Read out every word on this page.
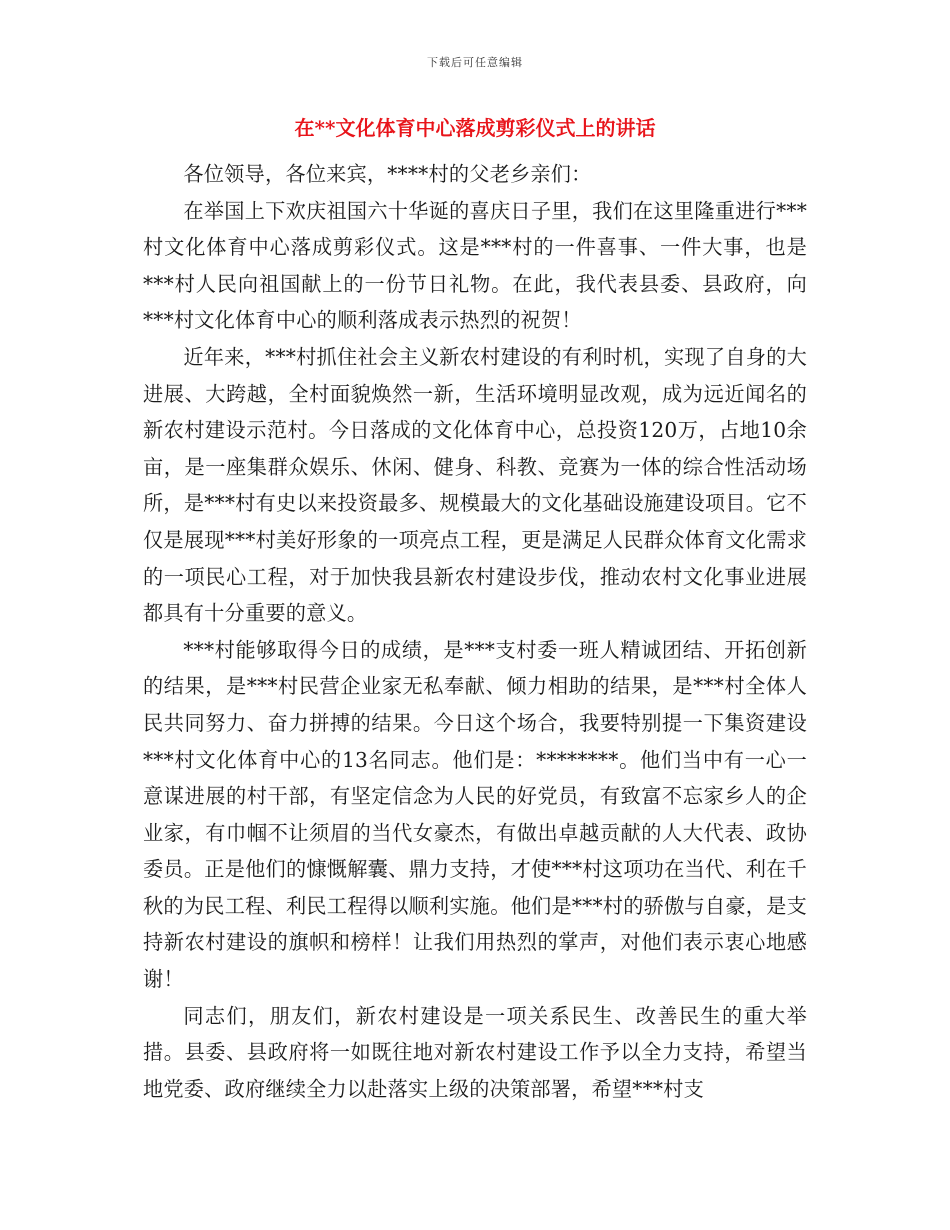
下载后可任意编辑
在**文化体育中心落成剪彩仪式上的讲话

各位领导，各位来宾，****村的父老乡亲们：

在举国上下欢庆祖国六十华诞的喜庆日子里，我们在这里隆重进行***村文化体育中心落成剪彩仪式。这是***村的一件喜事、一件大事，也是***村人民向祖国献上的一份节日礼物。在此，我代表县委、县政府，向***村文化体育中心的顺利落成表示热烈的祝贺！

近年来，***村抓住社会主义新农村建设的有利时机，实现了自身的大进展、大跨越，全村面貌焕然一新，生活环境明显改观，成为远近闻名的新农村建设示范村。今日落成的文化体育中心，总投资120万，占地10余亩，是一座集群众娱乐、休闲、健身、科教、竞赛为一体的综合性活动场所，是***村有史以来投资最多、规模最大的文化基础设施建设项目。它不仅是展现***村美好形象的一项亮点工程，更是满足人民群众体育文化需求的一项民心工程，对于加快我县新农村建设步伐，推动农村文化事业进展都具有十分重要的意义。

***村能够取得今日的成绩，是***支村委一班人精诚团结、开拓创新的结果，是***村民营企业家无私奉献、倾力相助的结果，是***村全体人民共同努力、奋力拼搏的结果。今日这个场合，我要特别提一下集资建设***村文化体育中心的13名同志。他们是：********。他们当中有一心一意谋进展的村干部，有坚定信念为人民的好党员，有致富不忘家乡人的企业家，有巾帼不让须眉的当代女豪杰，有做出卓越贡献的人大代表、政协委员。正是他们的慷慨解囊、鼎力支持，才使***村这项功在当代、利在千秋的为民工程、利民工程得以顺利实施。他们是***村的骄傲与自豪，是支持新农村建设的旗帜和榜样！让我们用热烈的掌声，对他们表示衷心地感谢！

同志们，朋友们，新农村建设是一项关系民生、改善民生的重大举措。县委、县政府将一如既往地对新农村建设工作予以全力支持，希望当地党委、政府继续全力以赴落实上级的决策部署，希望***村支
